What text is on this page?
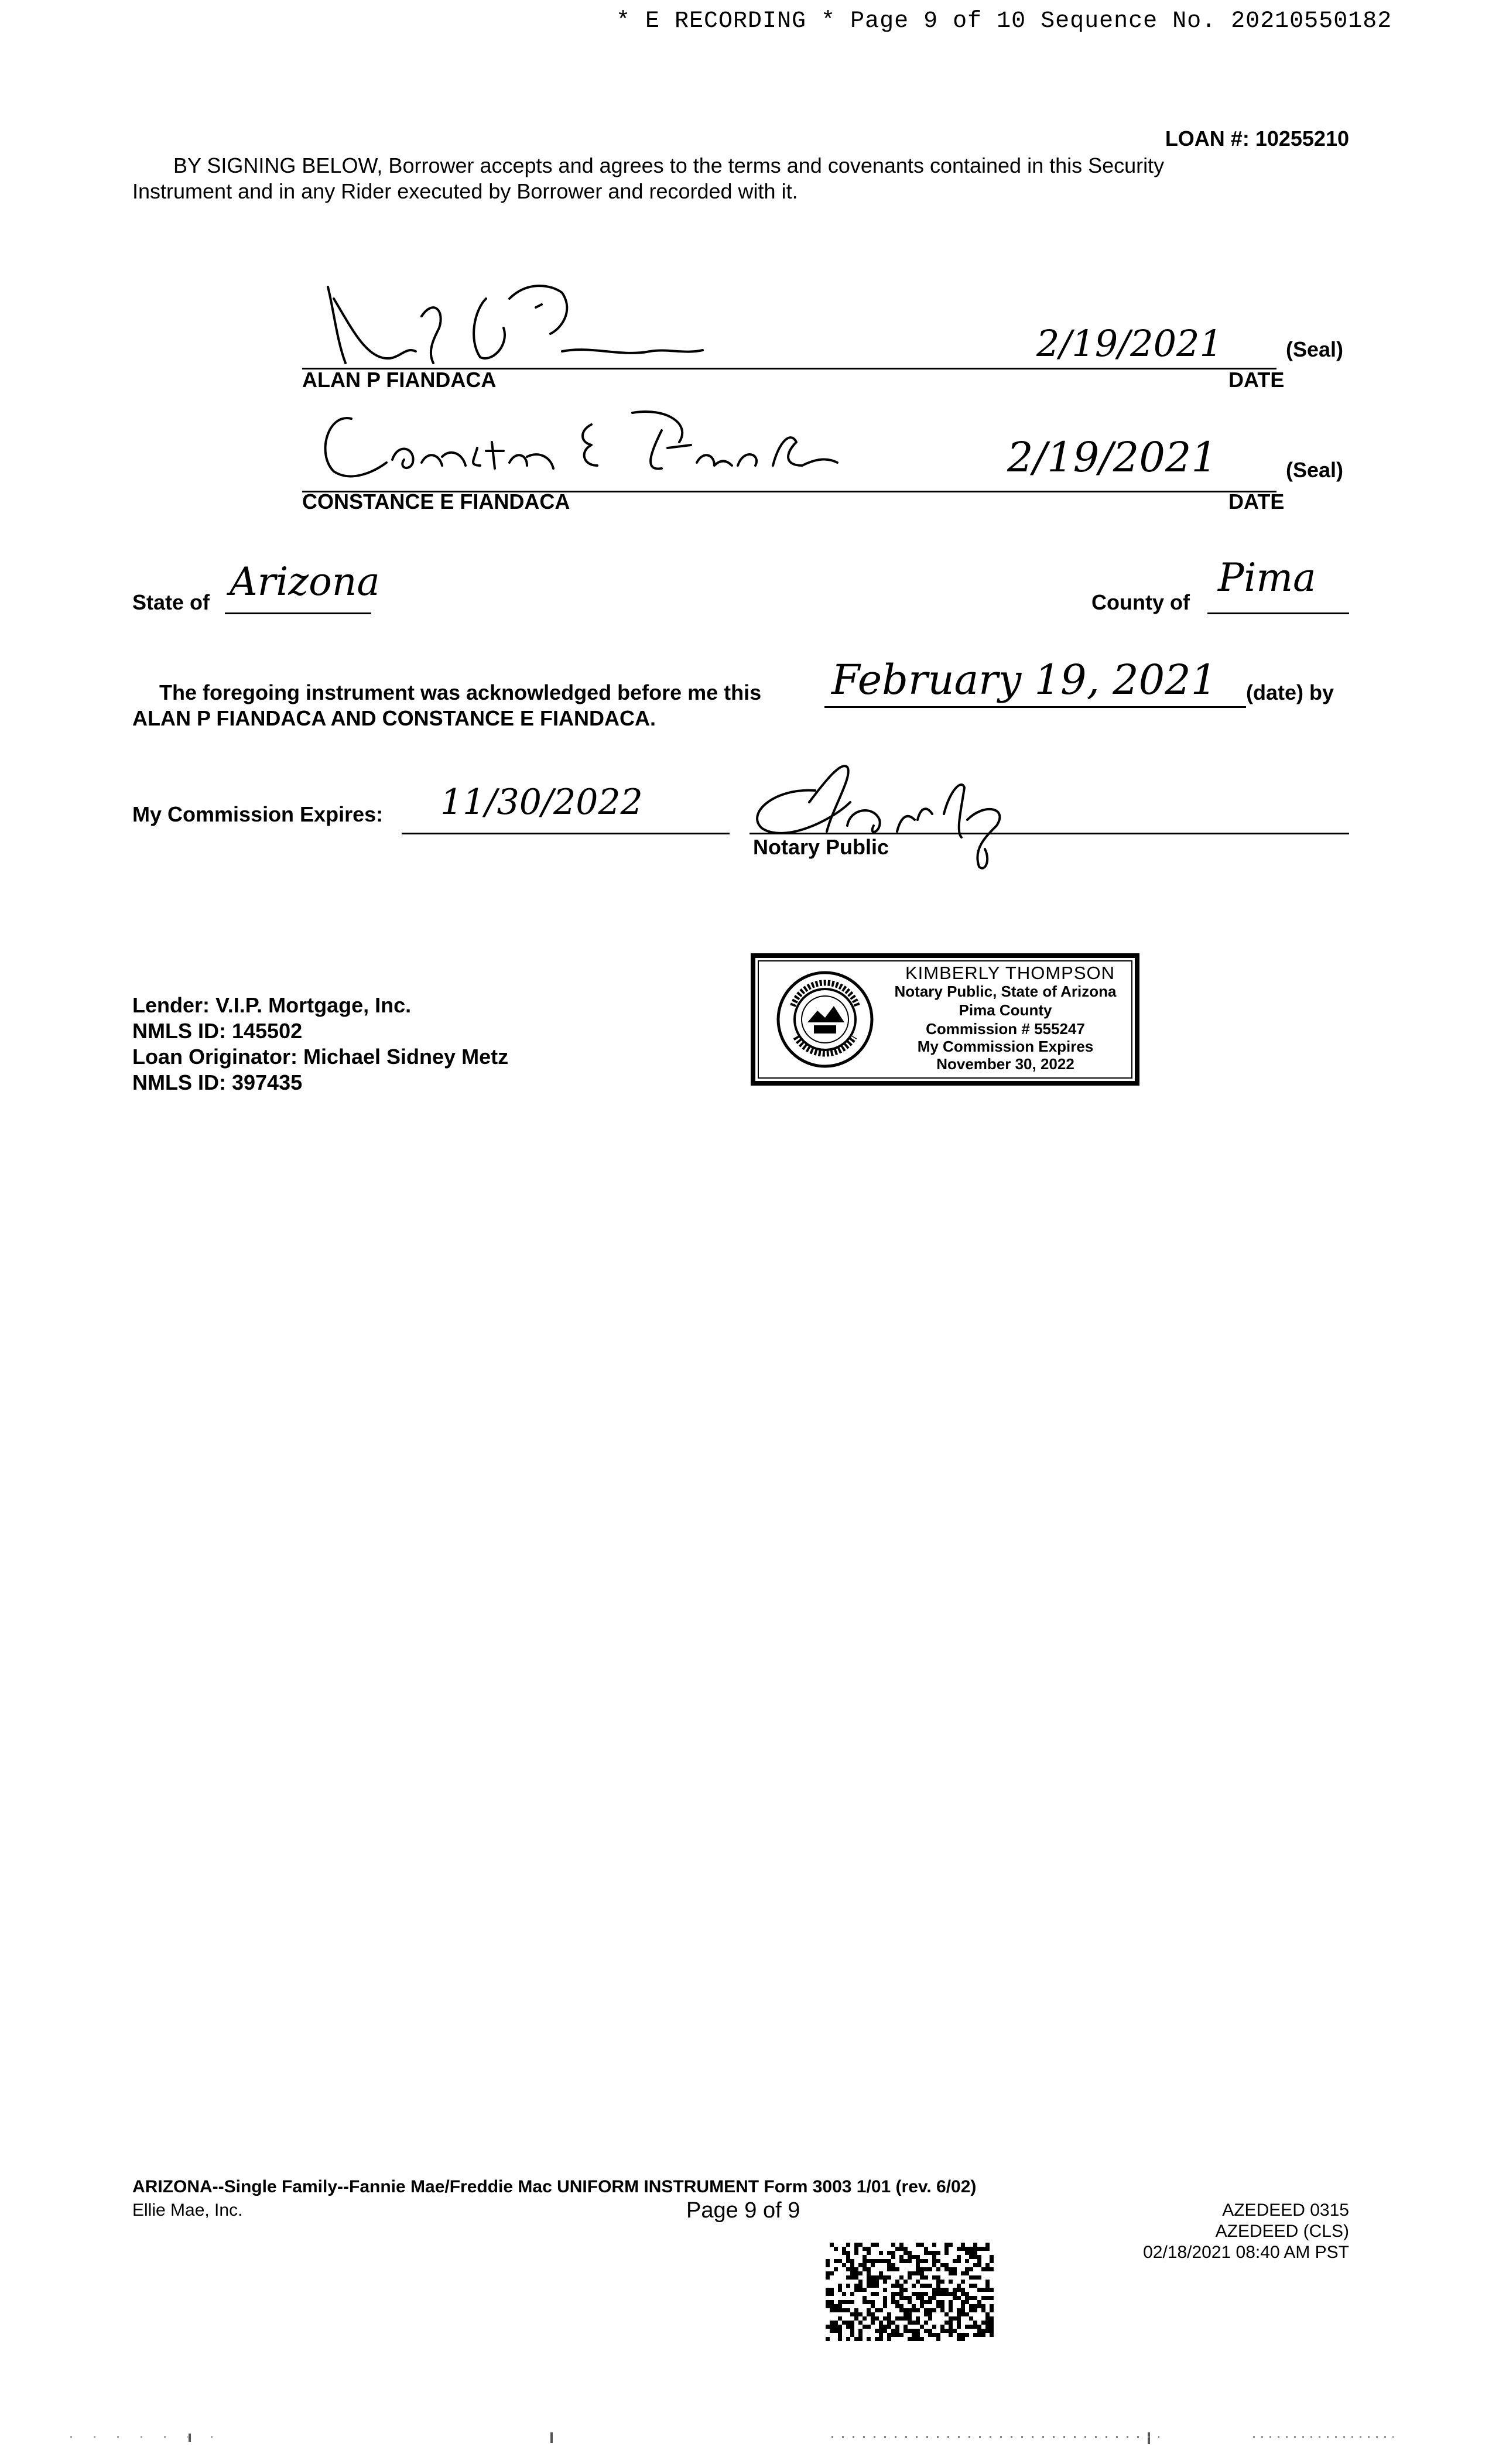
* E RECORDING * Page 9 of 10 Sequence No. 20210550182
LOAN #: 10255210
BY SIGNING BELOW, Borrower accepts and agrees to the terms and covenants contained in this Security
Instrument and in any Rider executed by Borrower and recorded with it.
2/19/2021	(Seal)
ALAN P FIANDACA	DATE
2/19/2021	(Seal)
CONSTANCE E FIANDACA	DATE
State of Arizona	County of
Pima
The foregoing instrument was acknowledged before me this February 19, 2021 (date) by
ALAN P FIANDACA AND CONSTANCE E FIANDACA.
My Commission Expires: 11/30/2022
Notary Public
KIMBERLY THOMPSON
Notary Public, State of Arizona
Pima County
Commission # 555247
My Commission Expires
November 30, 2022
Lender: V.I.P. Mortgage, Inc.
NMLS ID: 145502
Loan Originator: Michael Sidney Metz
NMLS ID: 397435
ARIZONA--Single Family--Fannie Mae/Freddie Mac UNIFORM INSTRUMENT Form 3003 1/01 (rev. 6/02)
Ellie Mae, Inc.	Page 9 of 9	AZEDEED 0315
AZEDEED (CLS)
02/18/2021 08:40 AM PST
